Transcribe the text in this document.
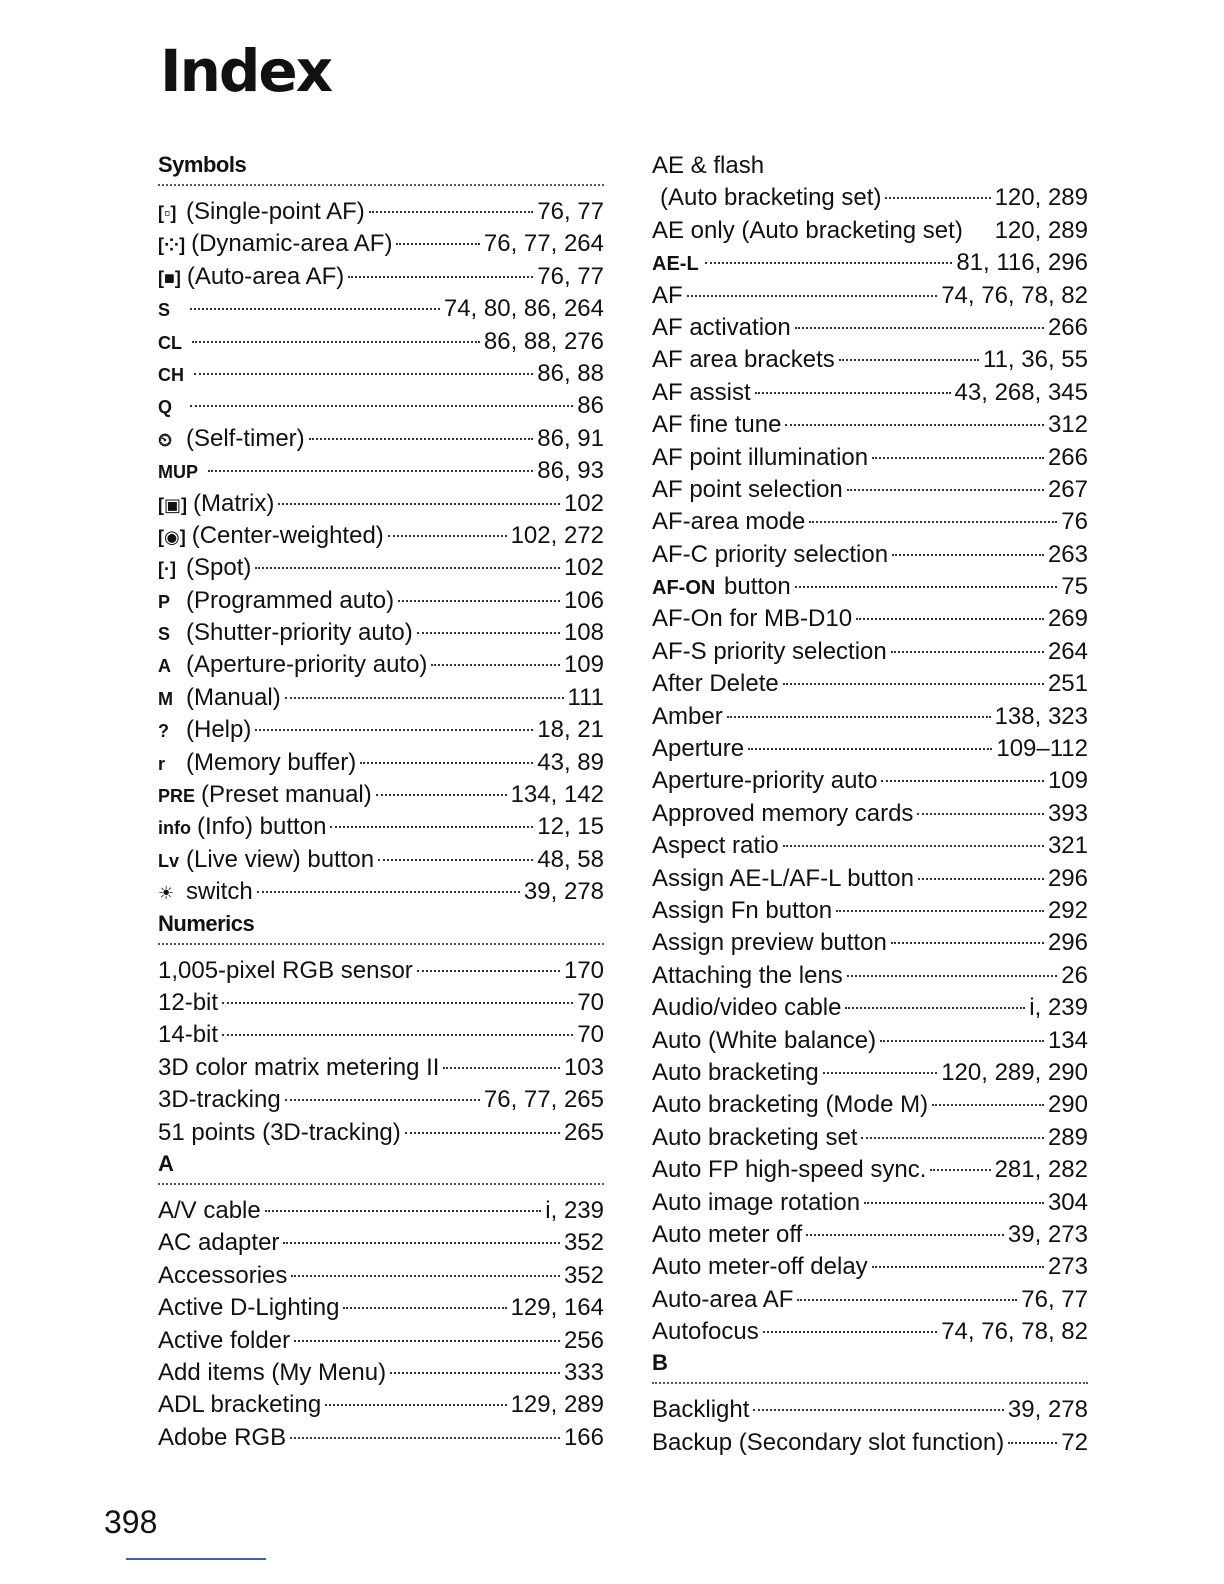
Index
Symbols
[▫] (Single-point AF)	76, 77
[⁘] (Dynamic-area AF)	76, 77, 264
[■] (Auto-area AF)	76, 77
S	74, 80, 86, 264
CL	86, 88, 276
CH	86, 88
Q	86
⏲ (Self-timer)	86, 91
MUP	86, 93
[▣] (Matrix)	102
[◉] (Center-weighted)	102, 272
[·] (Spot)	102
P (Programmed auto)	106
S (Shutter-priority auto)	108
A (Aperture-priority auto)	109
M (Manual)	111
? (Help)	18, 21
r (Memory buffer)	43, 89
PRE (Preset manual)	134, 142
info (Info) button	12, 15
Lv (Live view) button	48, 58
☀ switch	39, 278
Numerics
1,005-pixel RGB sensor	170
12-bit	70
14-bit	70
3D color matrix metering II	103
3D-tracking	76, 77, 265
51 points (3D-tracking)	265
A
A/V cable	i, 239
AC adapter	352
Accessories	352
Active D-Lighting	129, 164
Active folder	256
Add items (My Menu)	333
ADL bracketing	129, 289
Adobe RGB	166
AE & flash
(Auto bracketing set)	120, 289
AE only (Auto bracketing set) 120, 289
AE-L	81, 116, 296
AF	74, 76, 78, 82
AF activation	266
AF area brackets	11, 36, 55
AF assist	43, 268, 345
AF fine tune	312
AF point illumination	266
AF point selection	267
AF-area mode	76
AF-C priority selection	263
AF-ON
button	75
AF-On for MB-D10	269
AF-S priority selection	264
After Delete	251
Amber	138, 323
Aperture	109–112
Aperture-priority auto	109
Approved memory cards	393
Aspect ratio	321
Assign AE-L/AF-L button	296
Assign Fn button	292
Assign preview button	296
Attaching the lens	26
Audio/video cable	i, 239
Auto (White balance)	134
Auto bracketing	120, 289, 290
Auto bracketing (Mode M)	290
Auto bracketing set	289
Auto FP high-speed sync.	281, 282
Auto image rotation	304
Auto meter off	39, 273
Auto meter-off delay	273
Auto-area AF	76, 77
Autofocus	74, 76, 78, 82
B
Backlight	39, 278
Backup (Secondary slot function) 72
398
